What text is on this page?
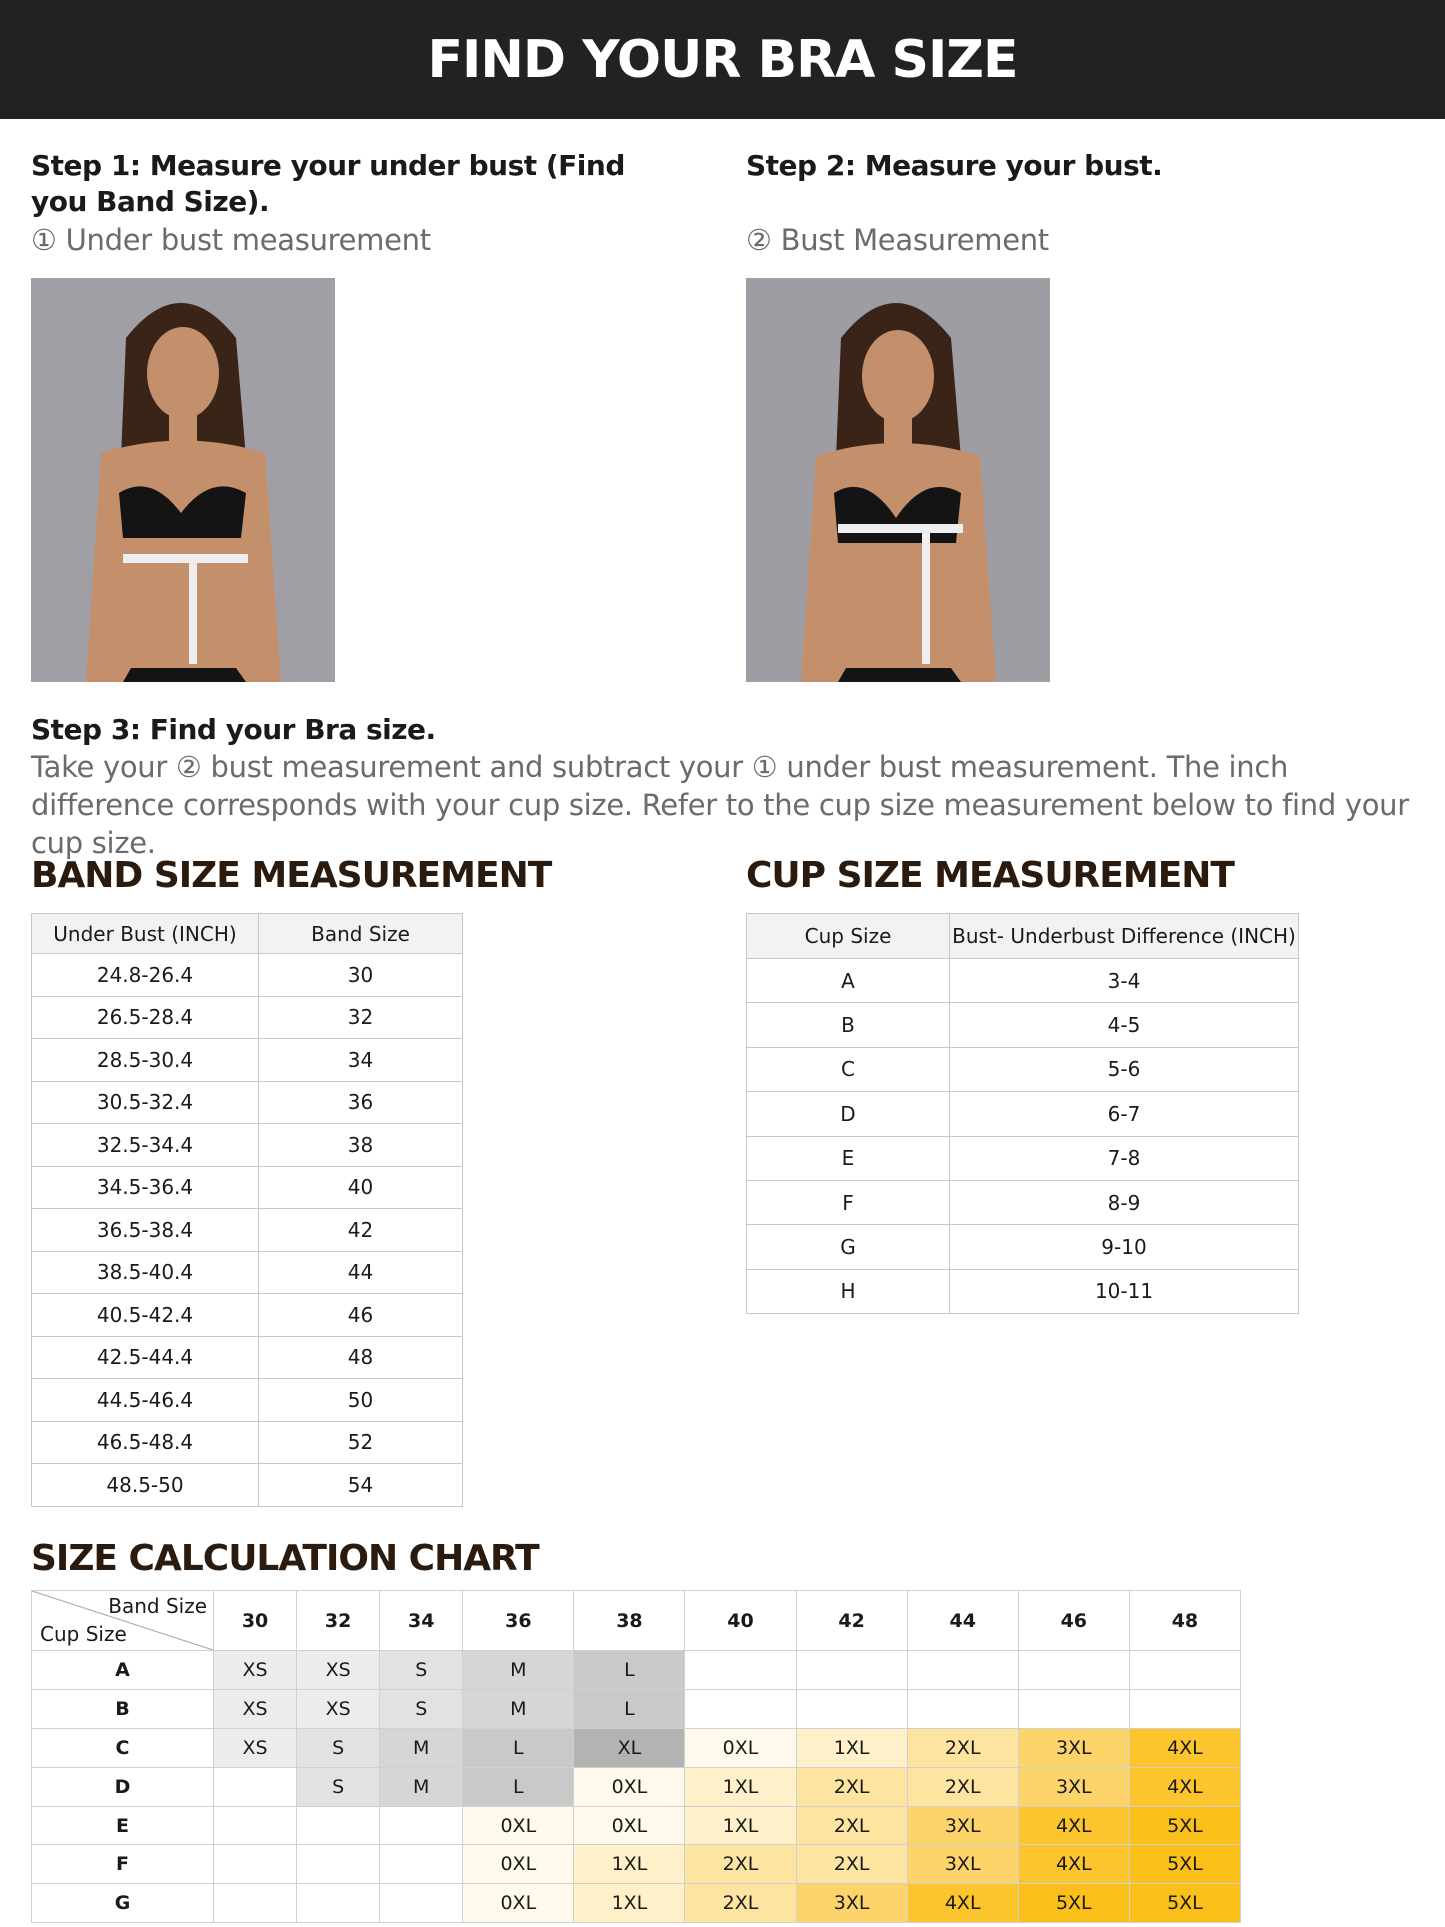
FIND YOUR BRA SIZE
Step 1: Measure your under bust (Find you Band Size).
① Under bust measurement
Step 2: Measure your bust.
② Bust Measurement
Step 3: Find your Bra size.
Take your ② bust measurement and subtract your ① under bust measurement. The inch difference corresponds with your cup size. Refer to the cup size measurement below to find your cup size.
BAND SIZE MEASUREMENT
Under Bust (INCH)	Band Size
24.8-26.4	30
26.5-28.4	32
28.5-30.4	34
30.5-32.4	36
32.5-34.4	38
34.5-36.4	40
36.5-38.4	42
38.5-40.4	44
40.5-42.4	46
42.5-44.4	48
44.5-46.4	50
46.5-48.4	52
48.5-50	54
CUP SIZE MEASUREMENT
Cup Size	Bust- Underbust Difference (INCH)
A	3-4
B	4-5
C	5-6
D	6-7
E	7-8
F	8-9
G	9-10
H	10-11
SIZE CALCULATION CHART
Band Size
Cup Size	30	32	34	36	38	40	42	44	46	48
A	XS	XS	S	M	L					
B	XS	XS	S	M	L					
C	XS	S	M	L	XL	0XL	1XL	2XL	3XL	4XL
D		S	M	L	0XL	1XL	2XL	2XL	3XL	4XL
E				0XL	0XL	1XL	2XL	3XL	4XL	5XL
F				0XL	1XL	2XL	2XL	3XL	4XL	5XL
G				0XL	1XL	2XL	3XL	4XL	5XL	5XL
